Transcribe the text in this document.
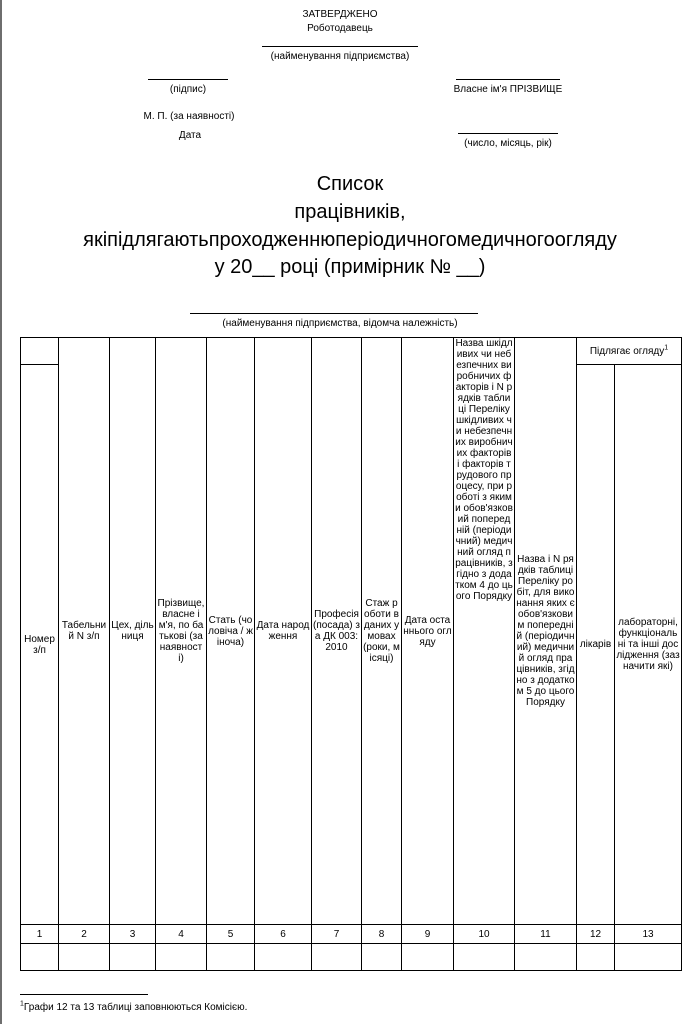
ЗАТВЕРДЖЕНО
Роботодавець
(найменування підприємства)
(підпис)	Власне ім'я ПРІЗВИЩЕ
М. П. (за наявності)
Дата
(число, місяць, рік)
Список
працівників,
якіпідлягаютьпроходженнюперіодичногомедичногоогляду
у 20__ році (примірник № __)
(найменування підприємства, відомча належність)
	Табельний N з/п	Цех, дільниця	Прізвище, власне ім'я, по батькові (за наявності)	Стать (чоловіча / жіноча)	Дата народження	Професія (посада) за ДК 003:2010	Стаж роботи в даних умовах (роки, місяці)	Дата останнього огляду	Назва шкідливих чи небезпечних виробничих факторів і N рядків таблиці Переліку шкідливих чи небезпечних виробничих факторів і факторів трудового процесу, при роботі з якими обов'язковий попередній (періодичний) медичний огляд працівників, згідно з додатком 4 до цього Порядку	Назва і N рядків таблиці Переліку робіт, для виконання яких є обов'язковим попередній (періодичний) медичний огляд працівників, згідно з додатком 5 до цього Порядку	Підлягає огляду$^1$
Номер з/п											лікарів	лабораторні, функціональні та інші дослідження (зазначити які)
1	2	3	4	5	6	7	8	9	10	11	12	13

$^1$Графи 12 та 13 таблиці заповнюються Комісією.
